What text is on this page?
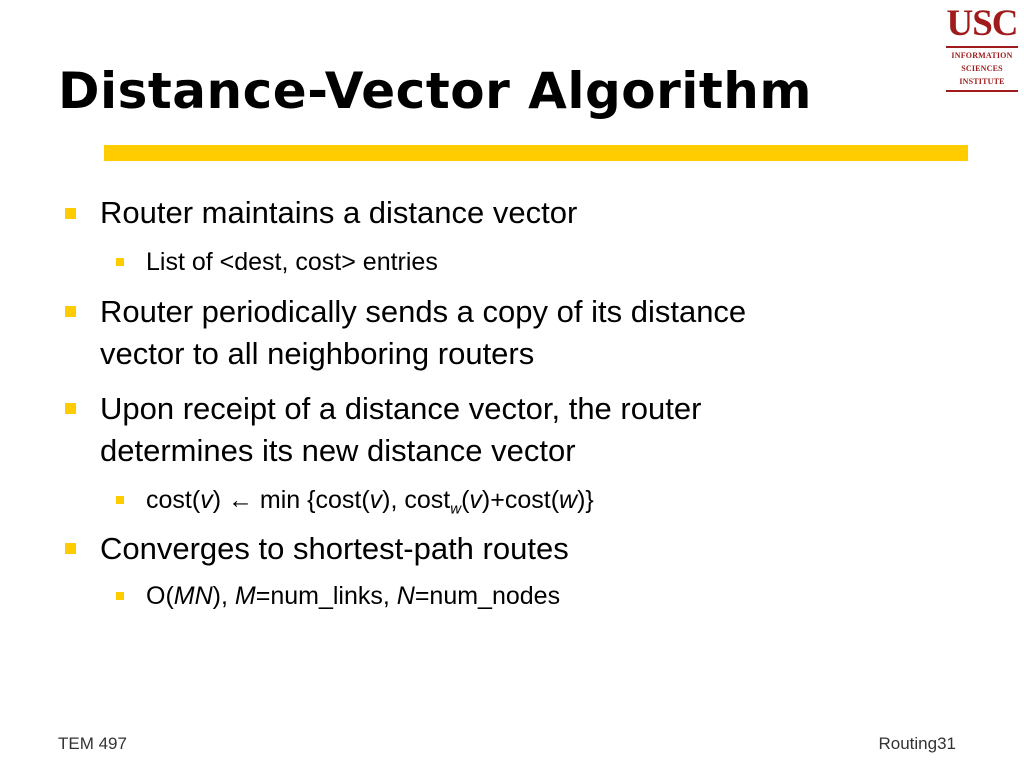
Distance-Vector Algorithm
USC
INFORMATION
SCIENCES
INSTITUTE
Router maintains a distance vector
List of <dest, cost> entries
Router periodically sends a copy of its distance
vector to all neighboring routers
Upon receipt of a distance vector, the router
determines its new distance vector
cost(v) ← min {cost(v), cost$_w$(v)+cost(w)}
Converges to shortest-path routes
O(MN), M=num_links, N=num_nodes
TEM 497	Routing31
